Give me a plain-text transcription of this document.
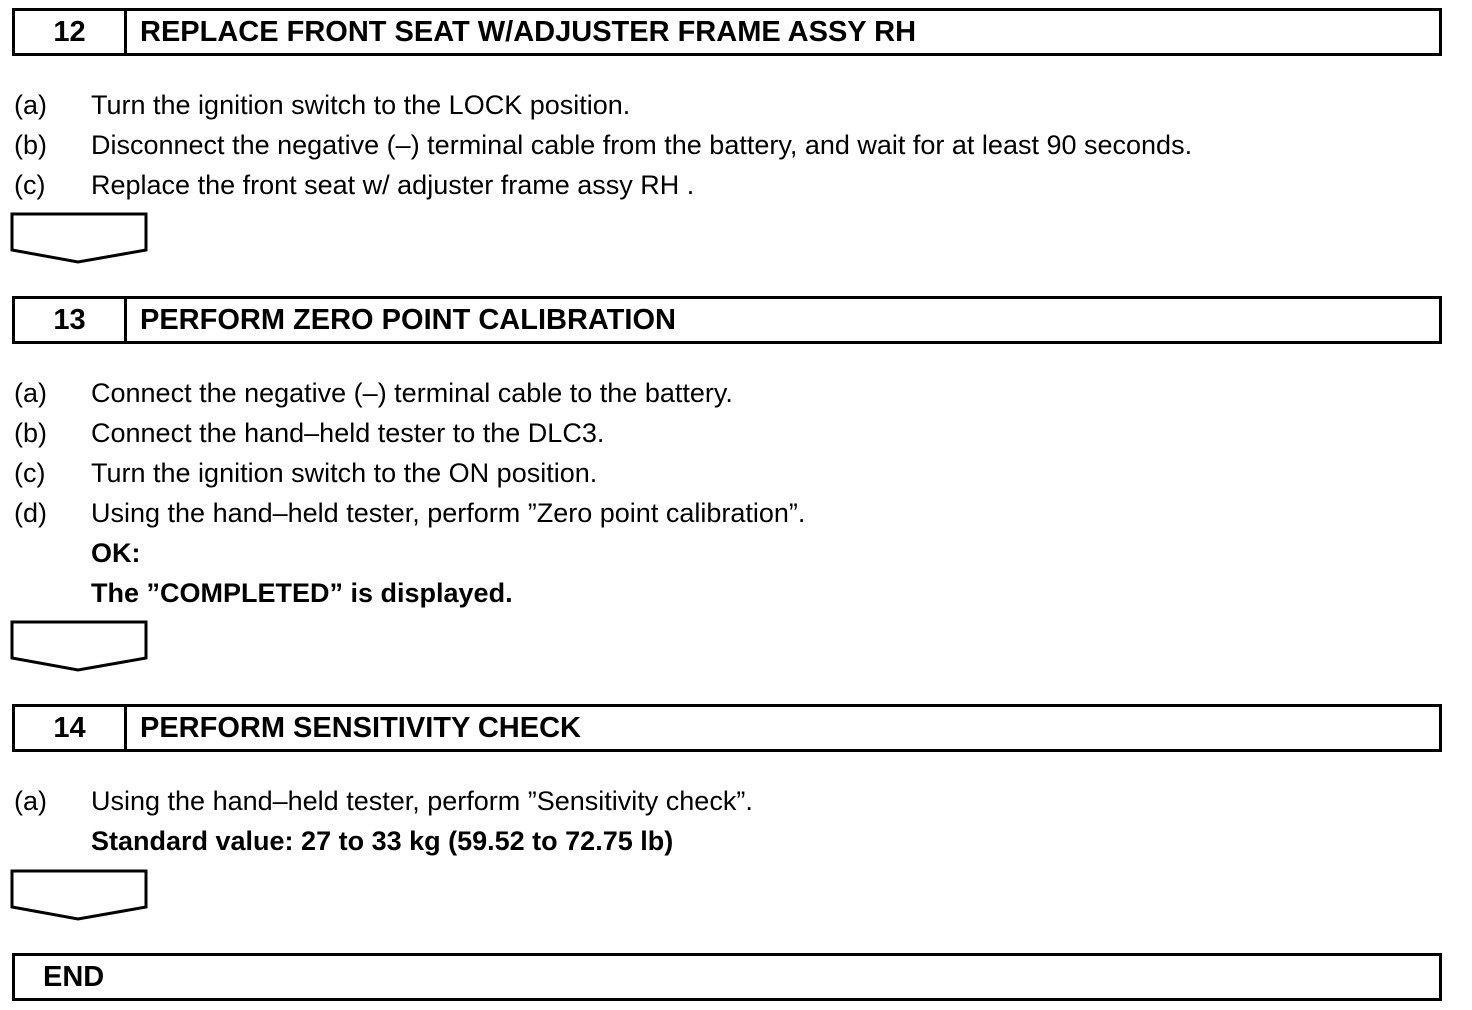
12	REPLACE FRONT SEAT W/ADJUSTER FRAME ASSY RH
(a) Turn the ignition switch to the LOCK position.
(b) Disconnect the negative (–) terminal cable from the battery, and wait for at least 90 seconds.
(c) Replace the front seat w/ adjuster frame assy RH .
13	PERFORM ZERO POINT CALIBRATION
(a) Connect the negative (–) terminal cable to the battery.
(b) Connect the hand–held tester to the DLC3.
(c) Turn the ignition switch to the ON position.
(d) Using the hand–held tester, perform ”Zero point calibration”.
OK:
The ”COMPLETED” is displayed.
14	PERFORM SENSITIVITY CHECK
(a) Using the hand–held tester, perform ”Sensitivity check”.
Standard value: 27 to 33 kg (59.52 to 72.75 lb)
END
